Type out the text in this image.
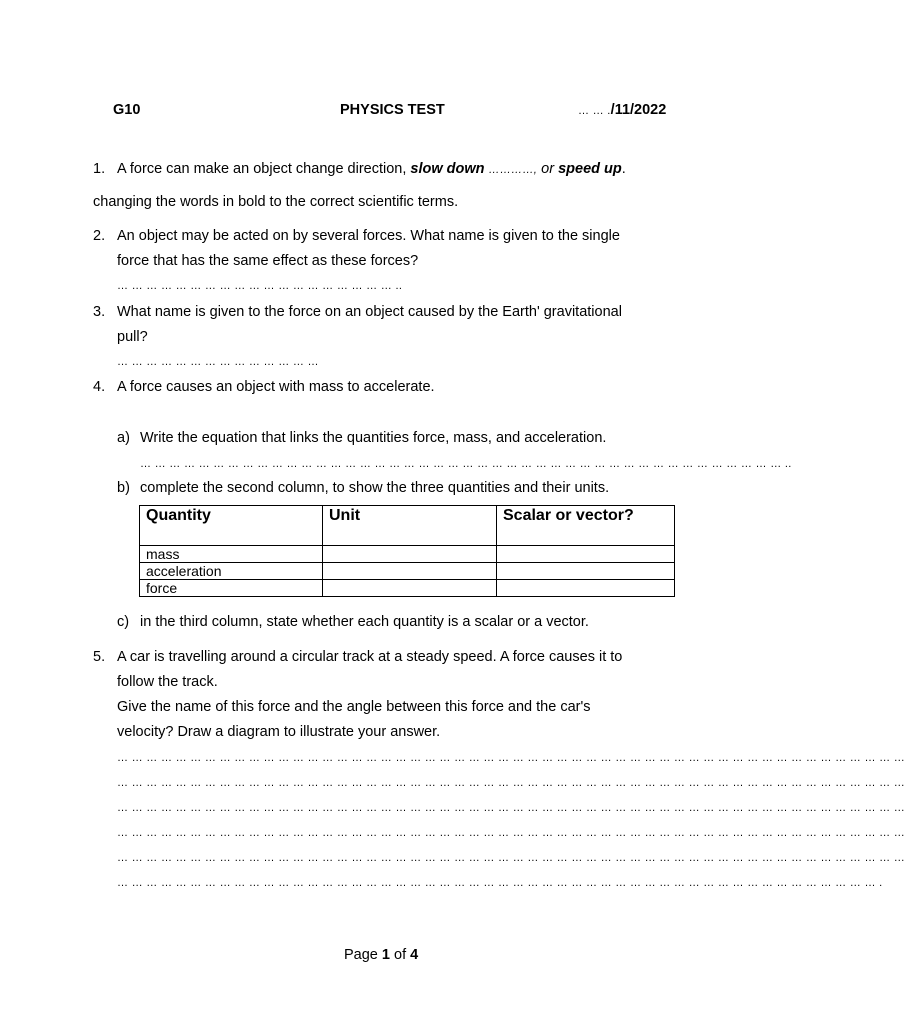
G10	PHYSICS TEST	… … ./11/2022
1. A force can make an object change direction, slow down …………, or speed up.
changing the words in bold to the correct scientific terms.
2. An object may be acted on by several forces. What name is given to the single
force that has the same effect as these forces?
… … … … … … … … … … … … … … … … … … … ..
3. What name is given to the force on an object caused by the Earth' gravitational
pull?
… … … … … … … … … … … … … …
4. A force causes an object with mass to accelerate.
a) Write the equation that links the quantities force, mass, and acceleration.
… … … … … … … … … … … … … … … … … … … … … … … … … … … … … … … … … … … … … … … … … … … … ..
b) complete the second column, to show the three quantities and their units.
Quantity	Unit	Scalar or vector?
mass		
acceleration		
force		
c) in the third column, state whether each quantity is a scalar or a vector.
5. A car is travelling around a circular track at a steady speed. A force causes it to
follow the track.
Give the name of this force and the angle between this force and the car's
velocity? Draw a diagram to illustrate your answer.
… … … … … … … … … … … … … … … … … … … … … … … … … … … … … … … … … … … … … … … … … … … … … … … … … … … … … …
… … … … … … … … … … … … … … … … … … … … … … … … … … … … … … … … … … … … … … … … … … … … … … … … … … … … … …
… … … … … … … … … … … … … … … … … … … … … … … … … … … … … … … … … … … … … … … … … … … … … … … … … … … … … …
… … … … … … … … … … … … … … … … … … … … … … … … … … … … … … … … … … … … … … … … … … … … … … … … … … … … … …
… … … … … … … … … … … … … … … … … … … … … … … … … … … … … … … … … … … … … … … … … … … … … … … … … … … … … …
… … … … … … … … … … … … … … … … … … … … … … … … … … … … … … … … … … … … … … … … … … … … … … … … … … … … .
Page 1 of 4
